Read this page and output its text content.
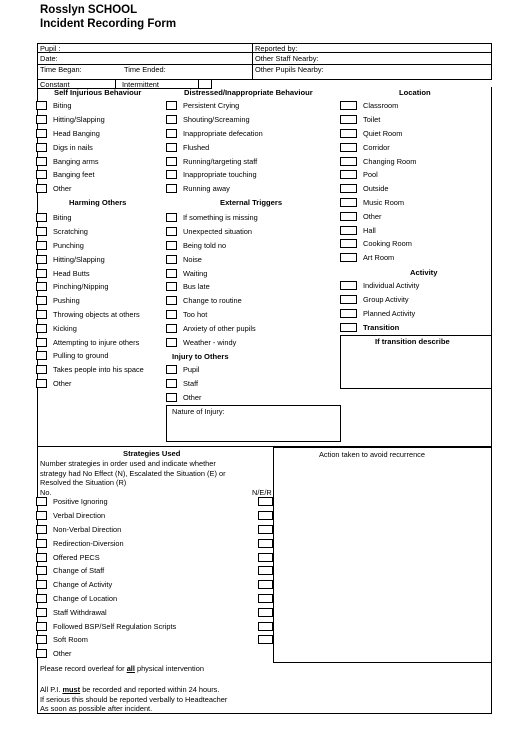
Rosslyn SCHOOL
Incident Recording Form
Pupil :	Reported by:
Date:	Other Staff Nearby:
Time Began:	Time Ended:	Other Pupils Nearby:
Constant	Intermittent
Self Injurious Behaviour
Biting
Hitting/Slapping
Head Banging
Digs in nails
Banging arms
Banging feet
Other
Harming Others
Biting
Scratching
Punching
Hitting/Slapping
Head Butts
Pinching/Nipping
Pushing
Throwing objects at others
Kicking
Attempting to injure others
Pulling to ground
Takes people into his space
Other
Distressed/Inappropriate Behaviour
Persistent Crying
Shouting/Screaming
Inappropriate defecation
Flushed
Running/targeting staff
Inappropriate touching
Running away
External Triggers
If something is missing
Unexpected situation
Being told no
Noise
Waiting
Bus late
Change to routine
Too hot
Anxiety of other pupils
Weather - windy
Injury to Others
Pupil
Staff
Other
Nature of Injury:
Location
Classroom
Toilet
Quiet Room
Corridor
Changing Room
Pool
Outside
Music Room
Other
Hall
Cooking Room
Art Room
Activity
Individual Activity
Group Activity
Planned Activity
Transition
If transition describe
Strategies Used
Number strategies in order used and indicate whether
strategy had No Effect (N), Escalated the Situation (E) or
Resolved the Situation (R)
No.	N/E/R
Positive Ignoring
Verbal Direction
Non-Verbal Direction
Redirection-Diversion
Offered PECS
Change of Staff
Change of Activity
Change of Location
Staff Withdrawal
Followed BSP/Self Regulation Scripts
Soft Room
Other
Action taken to avoid recurrence
Please record overleaf for all physical intervention
All P.I. must be recorded and reported within 24 hours.
If serious this should be reported verbally to Headteacher
As soon as possible after incident.
